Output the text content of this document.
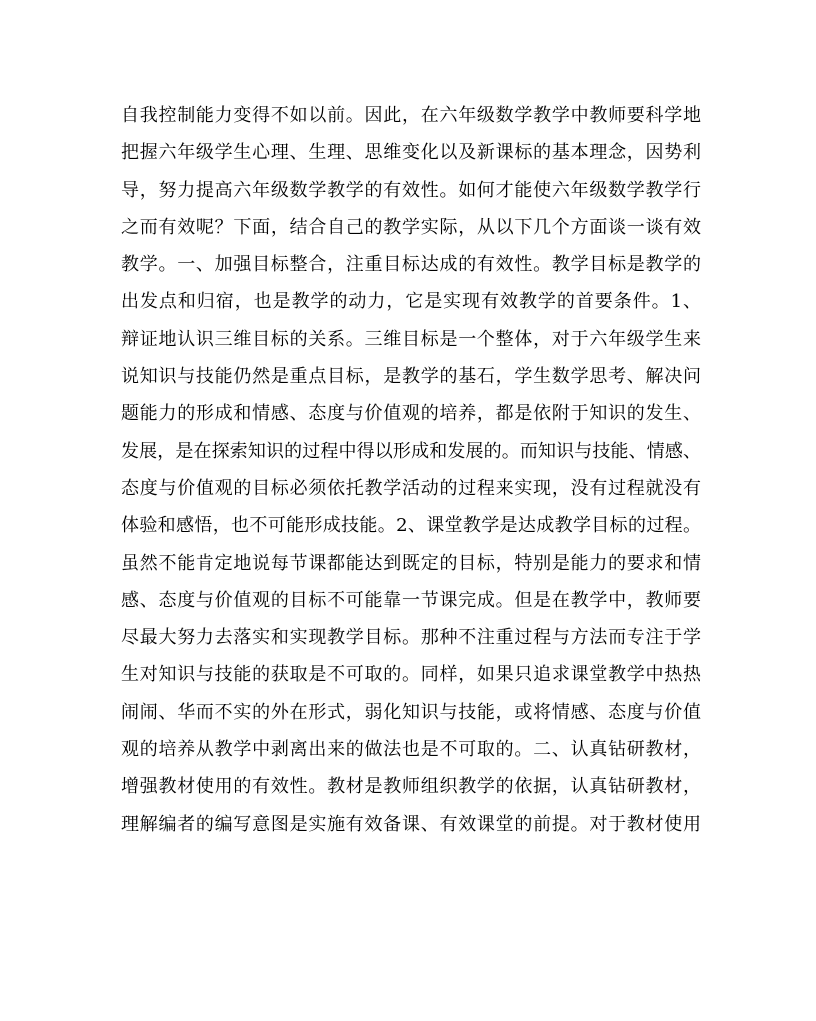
自我控制能力变得不如以前。因此，在六年级数学教学中教师要科学地
把握六年级学生心理、生理、思维变化以及新课标的基本理念，因势利
导，努力提高六年级数学教学的有效性。如何才能使六年级数学教学行
之而有效呢？下面，结合自己的教学实际，从以下几个方面谈一谈有效
教学。一、加强目标整合，注重目标达成的有效性。教学目标是教学的
出发点和归宿，也是教学的动力，它是实现有效教学的首要条件。1、
辩证地认识三维目标的关系。三维目标是一个整体，对于六年级学生来
说知识与技能仍然是重点目标，是教学的基石，学生数学思考、解决问
题能力的形成和情感、态度与价值观的培养，都是依附于知识的发生、
发展，是在探索知识的过程中得以形成和发展的。而知识与技能、情感、
态度与价值观的目标必须依托教学活动的过程来实现，没有过程就没有
体验和感悟，也不可能形成技能。2、课堂教学是达成教学目标的过程。
虽然不能肯定地说每节课都能达到既定的目标，特别是能力的要求和情
感、态度与价值观的目标不可能靠一节课完成。但是在教学中，教师要
尽最大努力去落实和实现教学目标。那种不注重过程与方法而专注于学
生对知识与技能的获取是不可取的。同样，如果只追求课堂教学中热热
闹闹、华而不实的外在形式，弱化知识与技能，或将情感、态度与价值
观的培养从教学中剥离出来的做法也是不可取的。二、认真钻研教材，
增强教材使用的有效性。教材是教师组织教学的依据，认真钻研教材，
理解编者的编写意图是实施有效备课、有效课堂的前提。对于教材使用
